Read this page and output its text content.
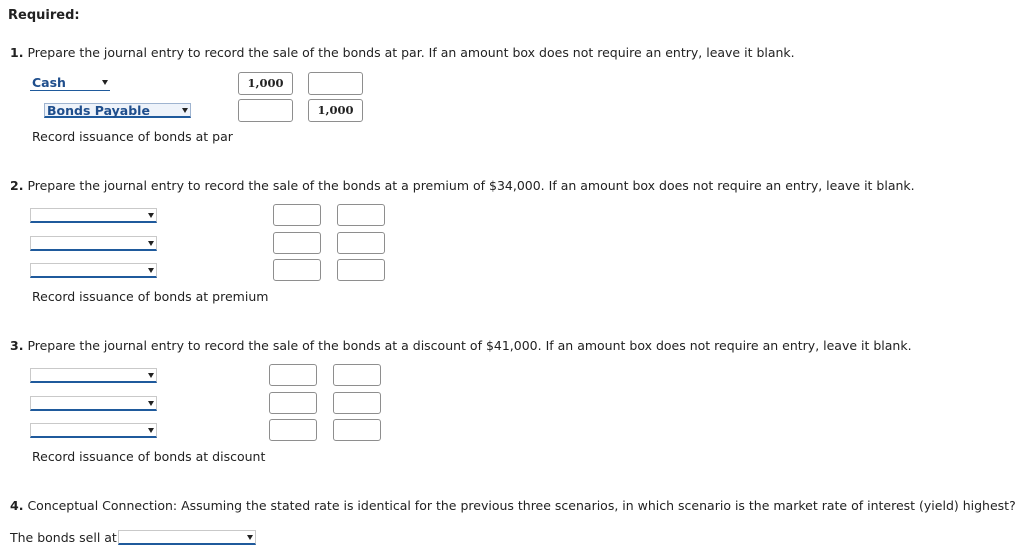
Required:
1. Prepare the journal entry to record the sale of the bonds at par. If an amount box does not require an entry, leave it blank.
Cash	1,000
Bonds Payable	1,000
Record issuance of bonds at par
2. Prepare the journal entry to record the sale of the bonds at a premium of $34,000. If an amount box does not require an entry, leave it blank.
Record issuance of bonds at premium
3. Prepare the journal entry to record the sale of the bonds at a discount of $41,000. If an amount box does not require an entry, leave it blank.
Record issuance of bonds at discount
4. Conceptual Connection: Assuming the stated rate is identical for the previous three scenarios, in which scenario is the market rate of interest (yield) highest?
The bonds sell at
